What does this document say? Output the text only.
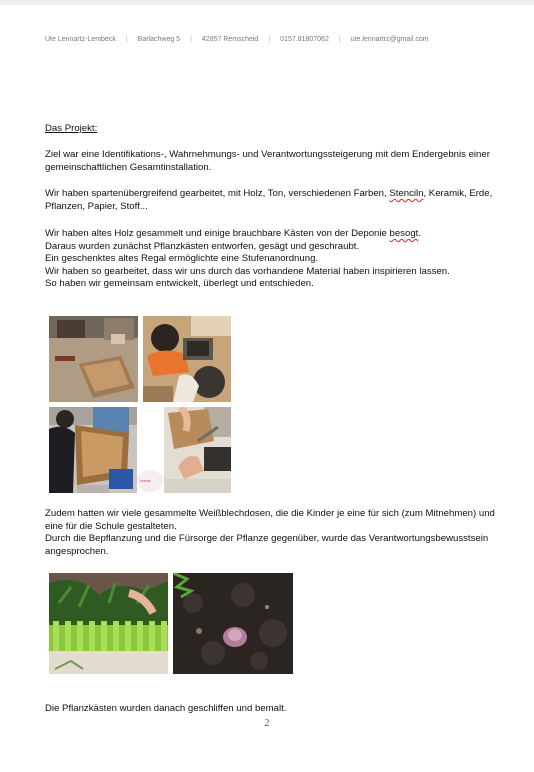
Ute Lennartz-Lembeck | Barlachweg 5 | 42857 Remscheid | 0157.81807062 | ute.lennartrz@gmail.com
Das Projekt:
Ziel war eine Identifikations-, Wahrnehmungs- und Verantwortungssteigerung mit dem Endergebnis einer gemeinschaftlichen Gesamtinstallation.
Wir haben spartenübergreifend gearbeitet, mit Holz, Ton, verschiedenen Farben, Stenciln, Keramik, Erde, Pflanzen, Papier, Stoff...
Wir haben altes Holz gesammelt und einige brauchbare Kästen von der Deponie besogt.
Daraus wurden zunächst Pflanzkästen entworfen, gesägt und geschraubt.
Ein geschenktes altes Regal ermöglichte eine Stufenanordnung.
Wir haben so gearbeitet, dass wir uns durch das vorhandene Material haben inspirieren lassen.
So haben wir gemeinsam entwickelt, überlegt und entschieden.
heimat
Zudem hatten wir viele gesammelte Weißblechdosen, die die Kinder je eine für sich (zum Mitnehmen) und eine für die Schule gestalteten.
Durch die Bepflanzung und die Fürsorge der Pflanze gegenüber, wurde das Verantwortungsbewusstsein angesprochen.
Die Pflanzkästen wurden danach geschliffen und bemalt.
2
